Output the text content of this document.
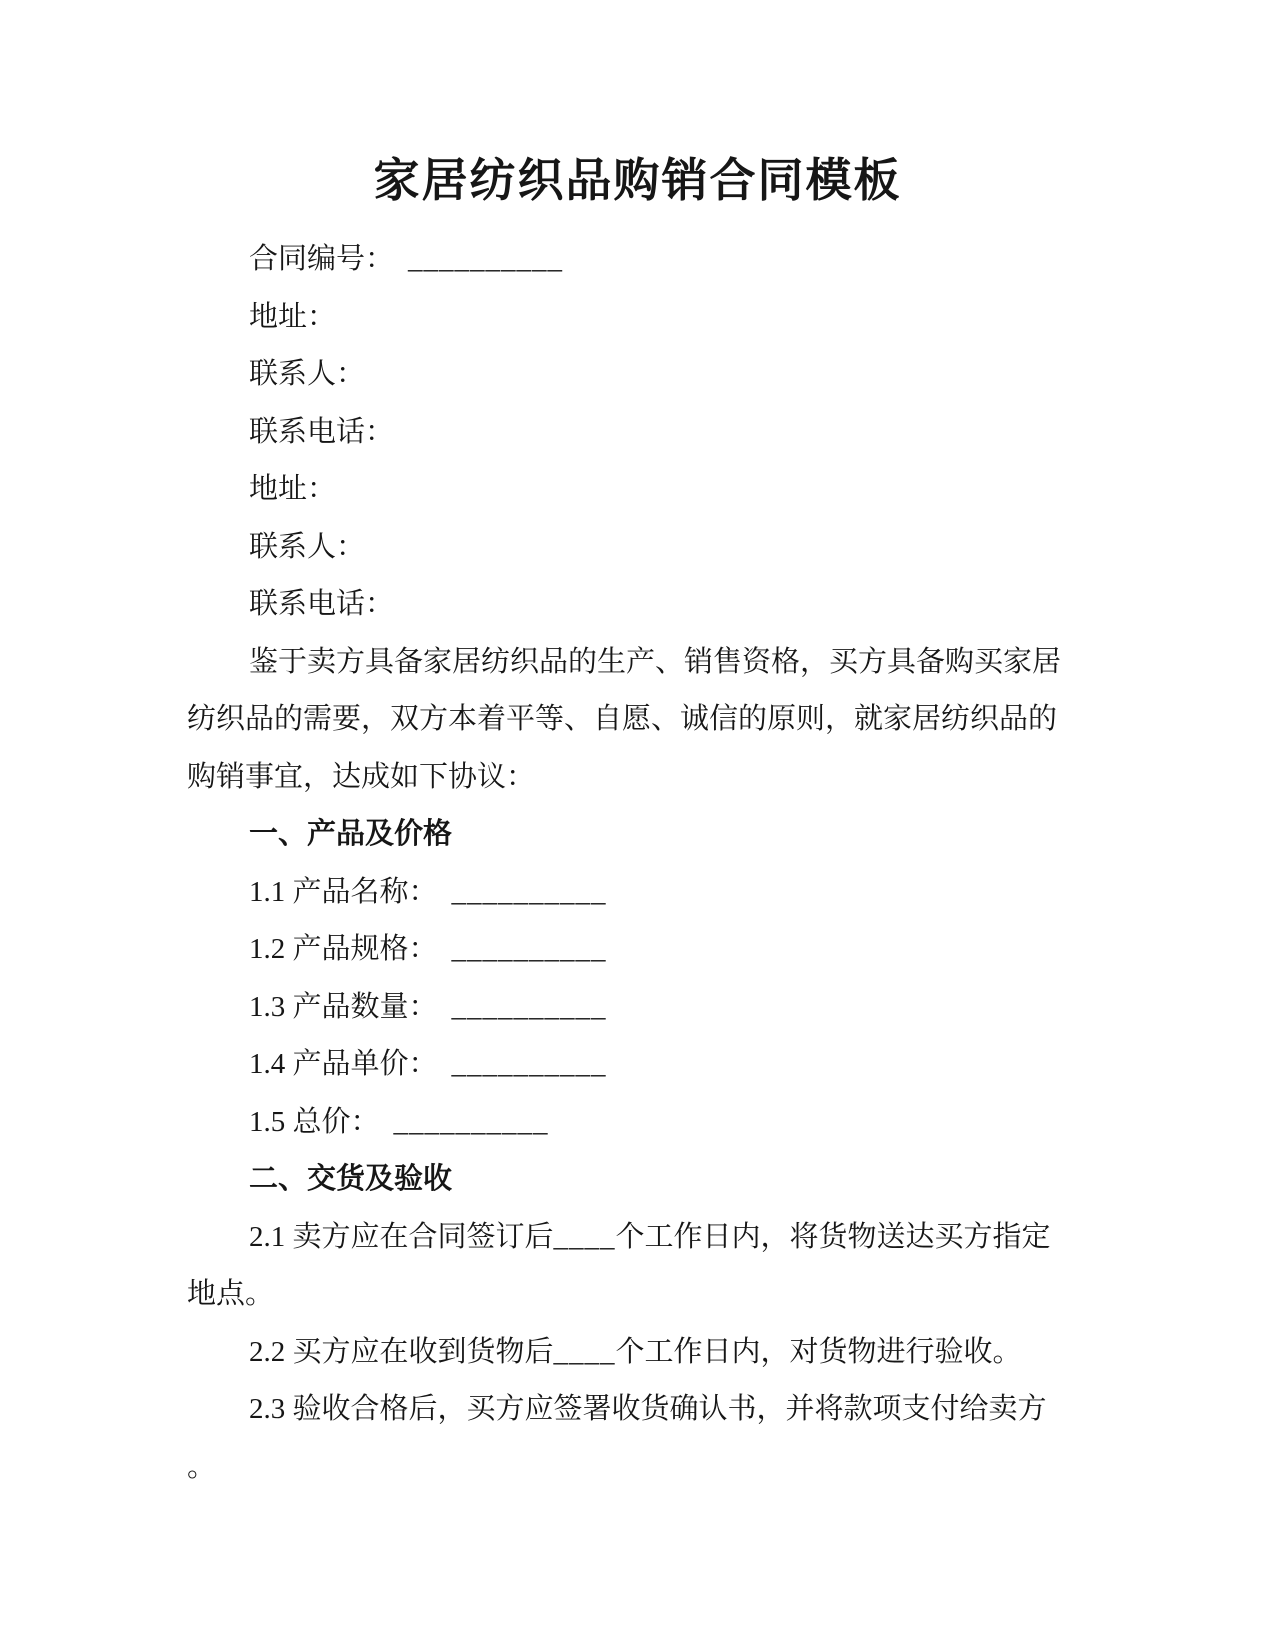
家居纺织品购销合同模板
合同编号： __________
地址：
联系人：
联系电话：
地址：
联系人：
联系电话：
鉴于卖方具备家居纺织品的生产、销售资格，买方具备购买家居
纺织品的需要，双方本着平等、自愿、诚信的原则，就家居纺织品的
购销事宜，达成如下协议：
一、产品及价格
1.1 产品名称： __________
1.2 产品规格： __________
1.3 产品数量： __________
1.4 产品单价： __________
1.5 总价： __________
二、交货及验收
2.1 卖方应在合同签订后____个工作日内，将货物送达买方指定
地点。
2.2 买方应在收到货物后____个工作日内，对货物进行验收。
2.3 验收合格后，买方应签署收货确认书，并将款项支付给卖方
。
